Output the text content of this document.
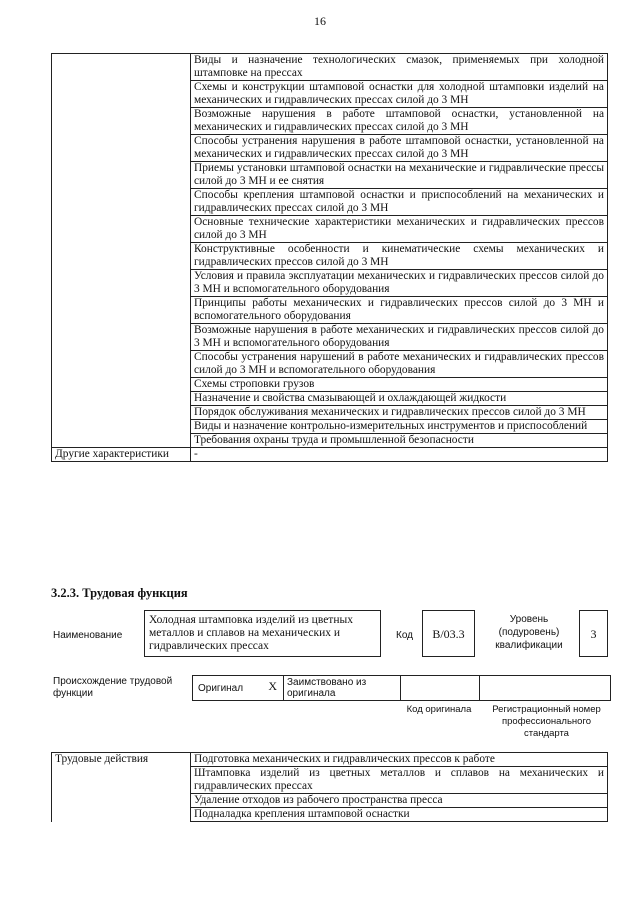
16
	Виды и назначение технологических смазок, применяемых при холодной штамповке на прессах
	Схемы и конструкции штамповой оснастки для холодной штамповки изделий на механических и гидравлических прессах силой до 3 МН
	Возможные нарушения в работе штамповой оснастки, установленной на механических и гидравлических прессах силой до 3 МН
	Способы устранения нарушения в работе штамповой оснастки, установленной на механических и гидравлических прессах силой до 3 МН
	Приемы установки штамповой оснастки на механические и гидравлические прессы силой до 3 МН и ее снятия
	Способы крепления штамповой оснастки и приспособлений на механических и гидравлических прессах силой до 3 МН
	Основные технические характеристики механических и гидравлических прессов силой до 3 МН
	Конструктивные особенности и кинематические схемы механических и гидравлических прессов силой до 3 МН
	Условия и правила эксплуатации механических и гидравлических прессов силой до 3 МН и вспомогательного оборудования
	Принципы работы механических и гидравлических прессов силой до 3 МН и вспомогательного оборудования
	Возможные нарушения в работе механических и гидравлических прессов силой до 3 МН и вспомогательного оборудования
	Способы устранения нарушений в работе механических и гидравлических прессов силой до 3 МН и вспомогательного оборудования
	Схемы строповки грузов
	Назначение и свойства смазывающей и охлаждающей жидкости
	Порядок обслуживания механических и гидравлических прессов силой до 3 МН
	Виды и назначение контрольно-измерительных инструментов и приспособлений
	Требования охраны труда и промышленной безопасности
Другие характеристики	-
3.2.3. Трудовая функция
Наименование
Холодная штамповка изделий из цветных металлов и сплавов на механических и гидравлических прессах
Код	B/03.3
Уровень (подуровень) квалификации
3
Происхождение трудовой функции	Оригинал X	Заимствовано из оригинала
Код оригинала	Регистрационный номер профессионального стандарта
Трудовые действия	Подготовка механических и гидравлических прессов к работе
Штамповка изделий из цветных металлов и сплавов на механических и гидравлических прессах
Удаление отходов из рабочего пространства пресса
Подналадка крепления штамповой оснастки
